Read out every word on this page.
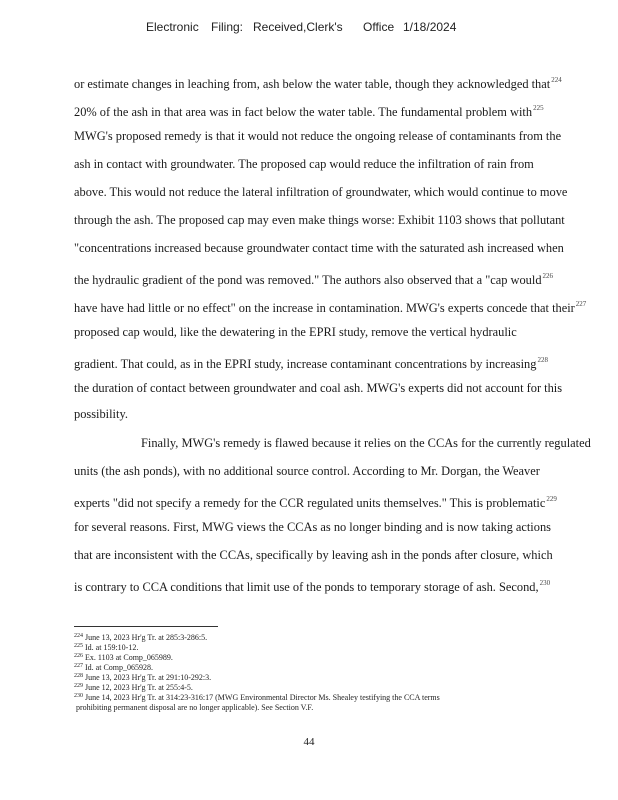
Electronic Filing: Received,Clerk's Office 1/18/2024
or estimate changes in leaching from, ash below the water table, though they acknowledged that$^{224}$
20% of the ash in that area was in fact below the water table. The fundamental problem with$^{225}$
MWG's proposed remedy is that it would not reduce the ongoing release of contaminants from the
ash in contact with groundwater. The proposed cap would reduce the infiltration of rain from
above. This would not reduce the lateral infiltration of groundwater, which would continue to move
through the ash. The proposed cap may even make things worse: Exhibit 1103 shows that pollutant
"concentrations increased because groundwater contact time with the saturated ash increased when
the hydraulic gradient of the pond was removed." The authors also observed that a "cap would$^{226}$
have have had little or no effect" on the increase in contamination. MWG's experts concede that their$^{227}$
proposed cap would, like the dewatering in the EPRI study, remove the vertical hydraulic
gradient. That could, as in the EPRI study, increase contaminant concentrations by increasing$^{228}$
the duration of contact between groundwater and coal ash. MWG's experts did not account for this
possibility.
Finally, MWG's remedy is flawed because it relies on the CCAs for the currently regulated
units (the ash ponds), with no additional source control. According to Mr. Dorgan, the Weaver
experts "did not specify a remedy for the CCR regulated units themselves." This is problematic$^{229}$
for several reasons. First, MWG views the CCAs as no longer binding and is now taking actions
that are inconsistent with the CCAs, specifically by leaving ash in the ponds after closure, which
is contrary to CCA conditions that limit use of the ponds to temporary storage of ash. Second,$^{230}$
$^{224}$ June 13, 2023 Hr'g Tr. at 285:3-286:5.
$^{225}$ Id. at 159:10-12.
$^{226}$ Ex. 1103 at Comp_065989.
$^{227}$ Id. at Comp_065928.
$^{228}$ June 13, 2023 Hr'g Tr. at 291:10-292:3.
$^{229}$ June 12, 2023 Hr'g Tr. at 255:4-5.
$^{230}$ June 14, 2023 Hr'g Tr. at 314:23-316:17 (MWG Environmental Director Ms. Shealey testifying the CCA terms
prohibiting permanent disposal are no longer applicable). See Section V.F.
44
